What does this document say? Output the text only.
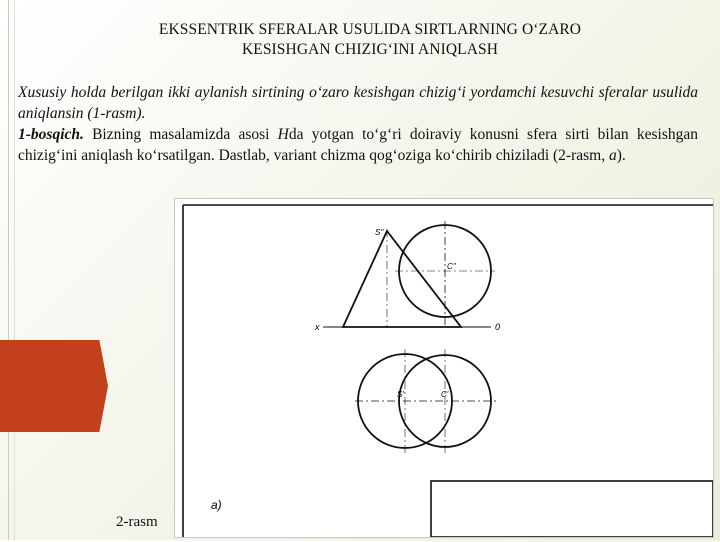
EKSSENTRIK SFERALAR USULIDA SIRTLARNING O‘ZARO
KESISHGAN CHIZIG‘INI ANIQLASH
Xususiy holda berilgan ikki aylanish sirtining o‘zaro kesishgan chizig‘i yordamchi kesuvchi sferalar usulida aniqlansin (1-rasm).
1-bosqich. Bizning masalamizda asosi Hda yotgan to‘g‘ri doiraviy konusni sfera sirti bilan kesishgan chizig‘ini aniqlash ko‘rsatilgan. Dastlab, variant chizma qog‘oziga ko‘chirib chiziladi (2-rasm, a).
x	0
S''
C''
S'	C'
a)
2-rasm
